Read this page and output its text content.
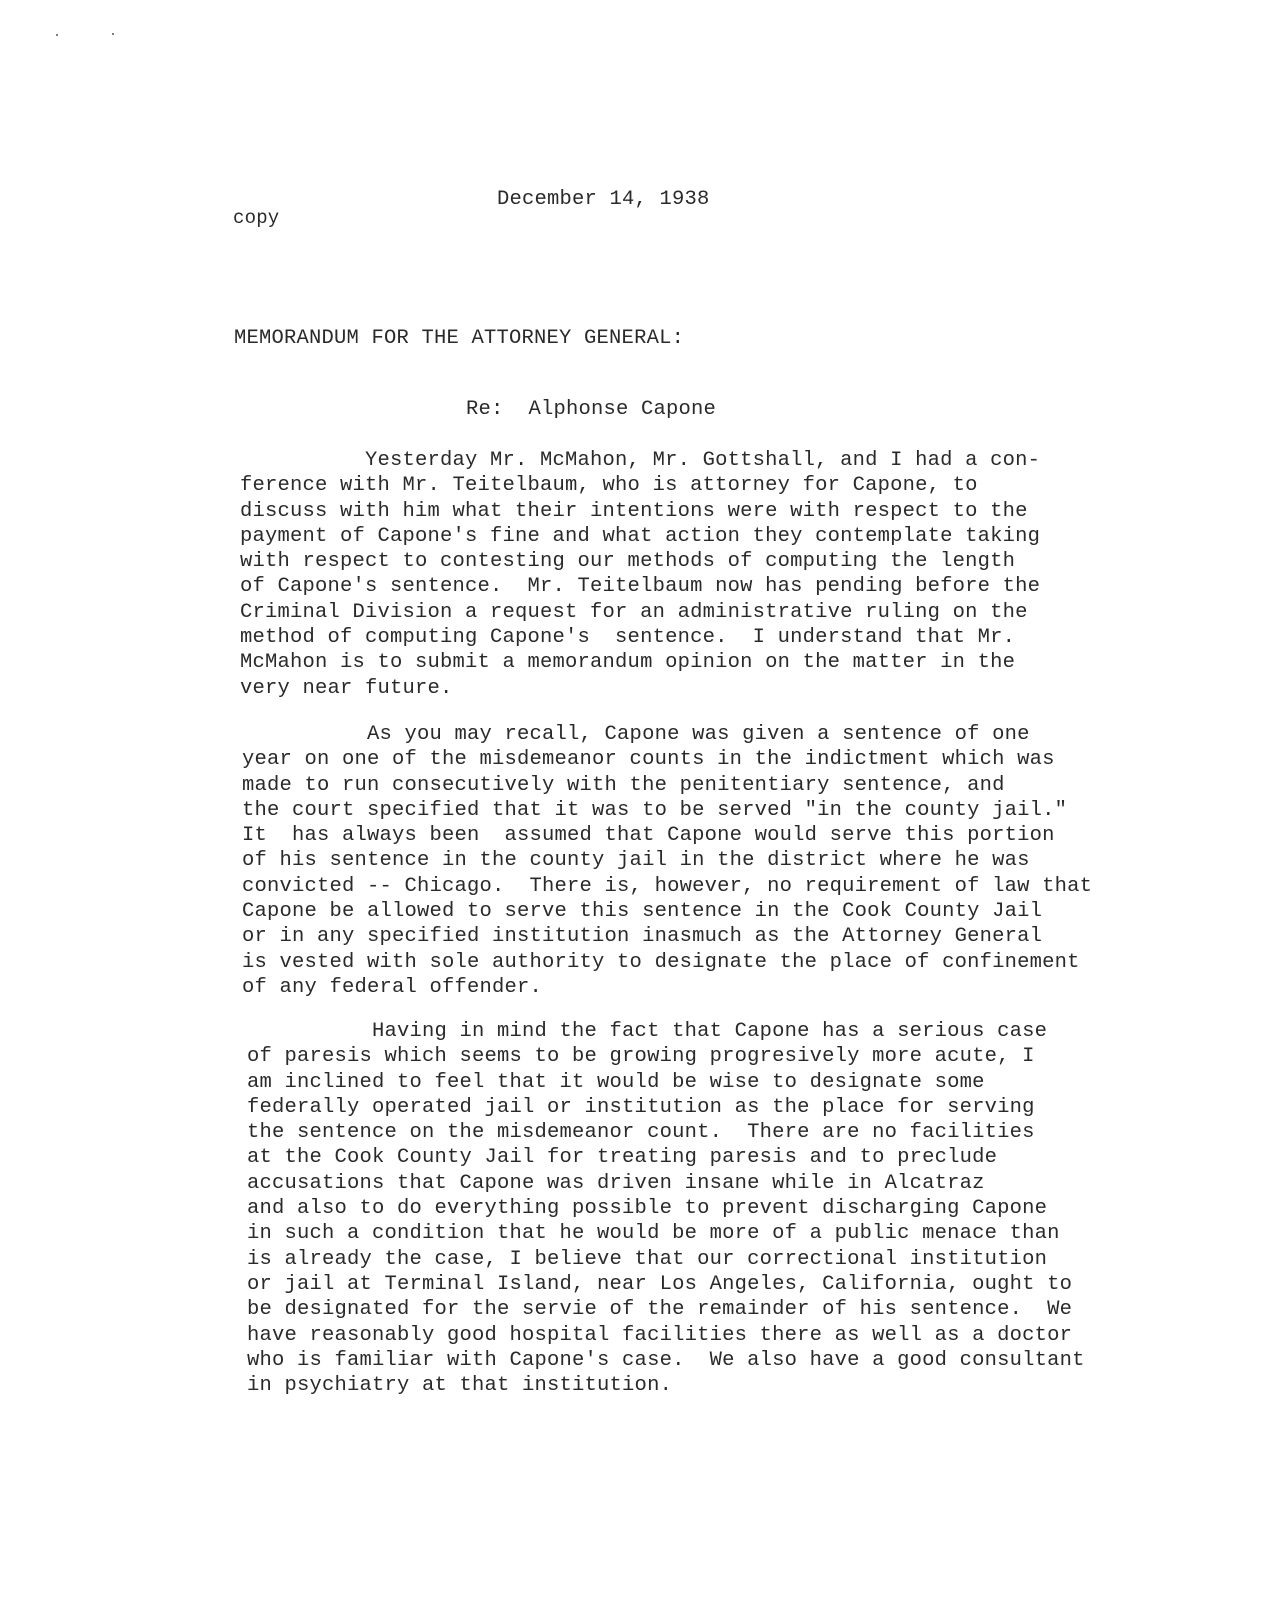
copy
December 14, 1938
MEMORANDUM FOR THE ATTORNEY GENERAL:
Re:  Alphonse Capone
Yesterday Mr. McMahon, Mr. Gottshall, and I had a con-
ference with Mr. Teitelbaum, who is attorney for Capone, to
discuss with him what their intentions were with respect to the
payment of Capone's fine and what action they contemplate taking
with respect to contesting our methods of computing the length
of Capone's sentence.  Mr. Teitelbaum now has pending before the
Criminal Division a request for an administrative ruling on the
method of computing Capone's  sentence.  I understand that Mr.
McMahon is to submit a memorandum opinion on the matter in the
very near future.
As you may recall, Capone was given a sentence of one
year on one of the misdemeanor counts in the indictment which was
made to run consecutively with the penitentiary sentence, and
the court specified that it was to be served "in the county jail."
It  has always been  assumed that Capone would serve this portion
of his sentence in the county jail in the district where he was
convicted -- Chicago.  There is, however, no requirement of law that
Capone be allowed to serve this sentence in the Cook County Jail
or in any specified institution inasmuch as the Attorney General
is vested with sole authority to designate the place of confinement
of any federal offender.
Having in mind the fact that Capone has a serious case
of paresis which seems to be growing progresively more acute, I
am inclined to feel that it would be wise to designate some
federally operated jail or institution as the place for serving
the sentence on the misdemeanor count.  There are no facilities
at the Cook County Jail for treating paresis and to preclude
accusations that Capone was driven insane while in Alcatraz
and also to do everything possible to prevent discharging Capone
in such a condition that he would be more of a public menace than
is already the case, I believe that our correctional institution
or jail at Terminal Island, near Los Angeles, California, ought to
be designated for the servie of the remainder of his sentence.  We
have reasonably good hospital facilities there as well as a doctor
who is familiar with Capone's case.  We also have a good consultant
in psychiatry at that institution.
